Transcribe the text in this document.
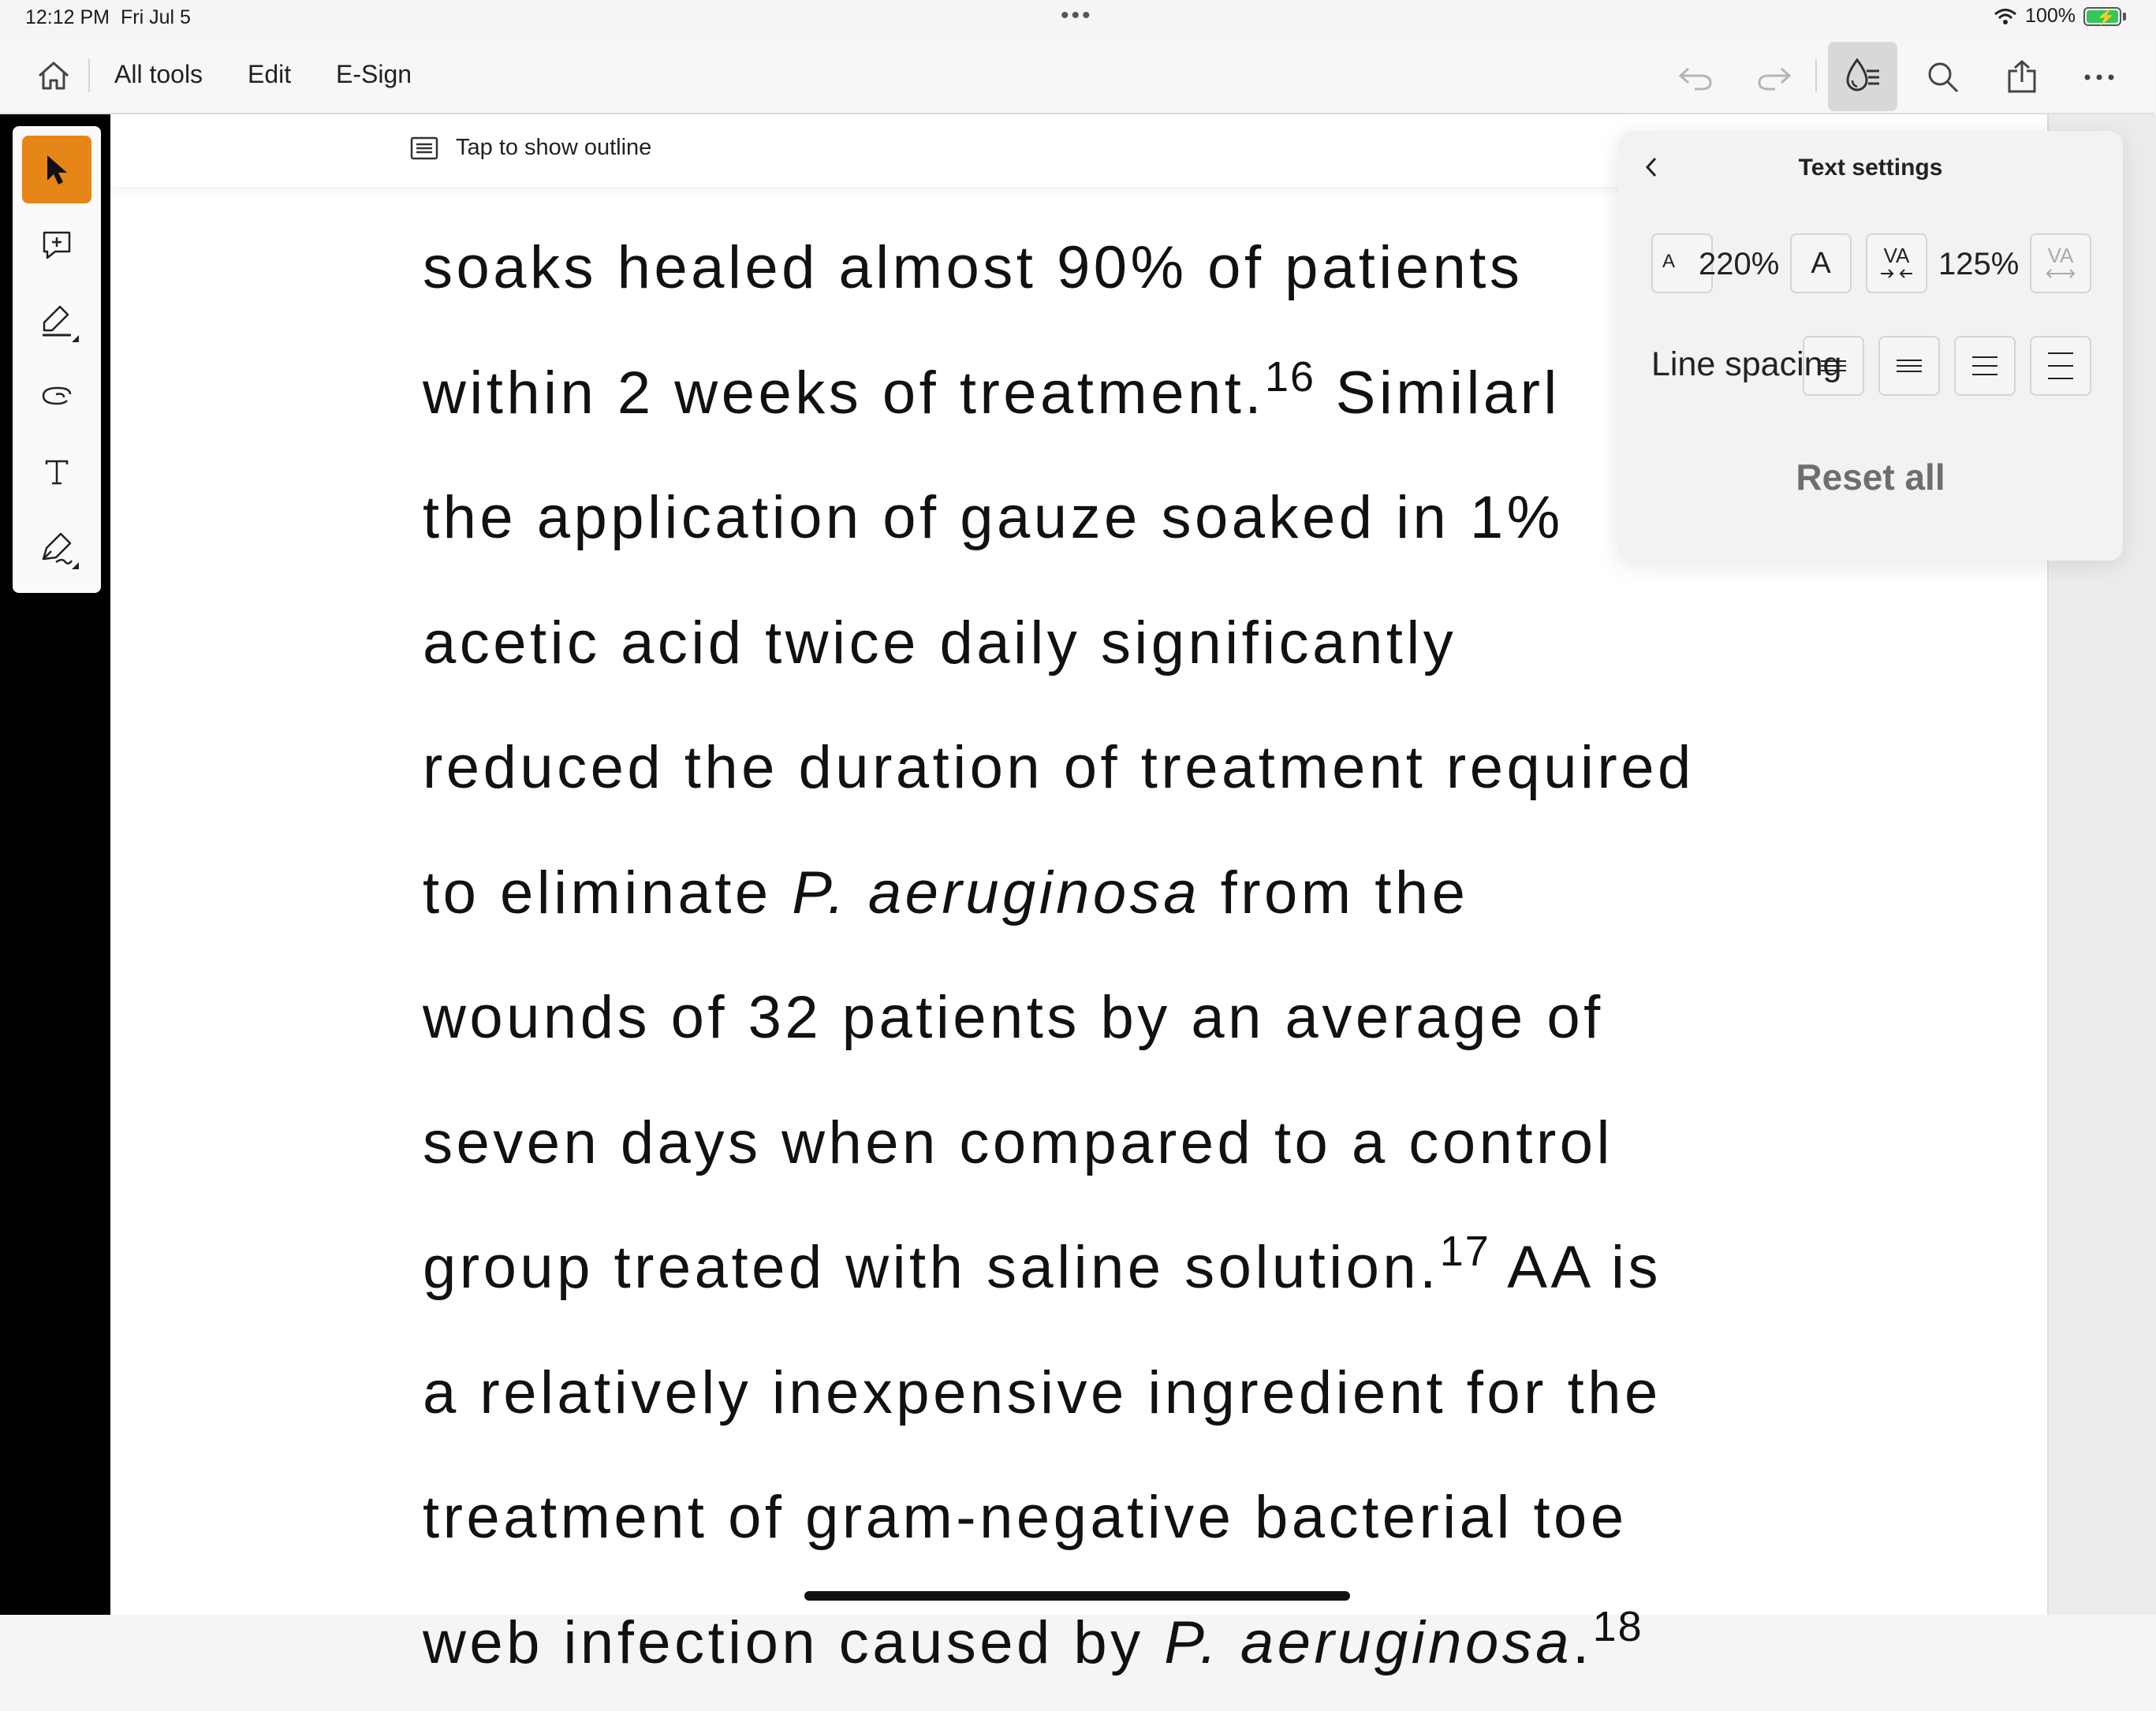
12:12 PM Fri Jul 5	•••	100% ⚡
All tools Edit E-Sign
Tap to show outline
soaks healed almost 90% of patients
within 2 weeks of treatment.$^{16}$ Similarl
the application of gauze soaked in 1%
acetic acid twice daily significantly
reduced the duration of treatment required
to eliminate P. aeruginosa from the
wounds of 32 patients by an average of
seven days when compared to a control
group treated with saline solution.$^{17}$ AA is
a relatively inexpensive ingredient for the
treatment of gram-negative bacterial toe
web infection caused by P. aeruginosa.$^{18}$
Text settings
A 220% A	VA 125% VA
Line spacing
Reset all
